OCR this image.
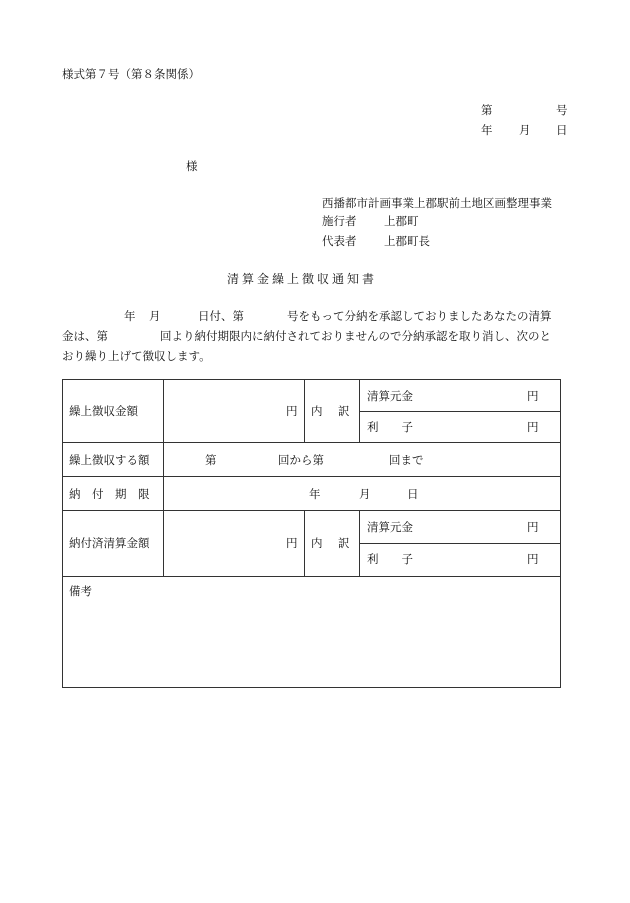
様式第７号（第８条関係）
第	号
年 月 日
様
西播都市計画事業上郡駅前土地区画整理事業
施行者 上郡町
代表者 上郡町長
清算金繰上徴収通知書
年 月	日付、第	号をもって分納を承認しておりましたあなたの清算
金は、第	回より納付期限内に納付されておりませんので分納承認を取り消し、次のと
おり繰り上げて徴収します。
繰上徴収金額	円 内　訳
清算元金	円
利　　子	円
繰上徴収する額	第	回から第	回まで
納　付　期　限	年	月	日
納付済清算金額	円 内　訳
清算元金	円
利　　子	円
備考
